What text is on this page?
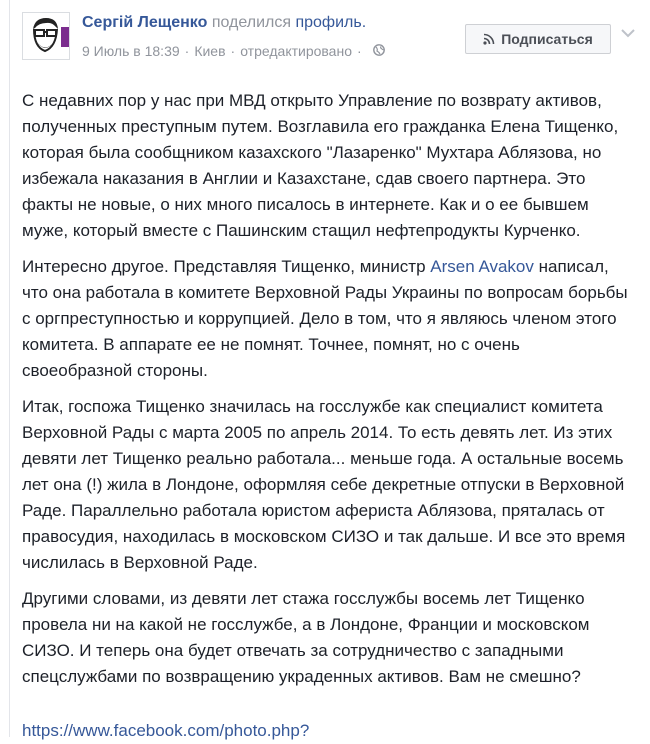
Сергій Лещенко поделился профиль.
9 Июль в 18:39 · Киев · отредактировано ·
Подписаться

С недавних пор у нас при МВД открыто Управление по возврату активов, полученных преступным путем. Возглавила его гражданка Елена Тищенко, которая была сообщником казахского "Лазаренко" Мухтара Аблязова, но избежала наказания в Англии и Казахстане, сдав своего партнера. Это факты не новые, о них много писалось в интернете. Как и о ее бывшем муже, который вместе с Пашинским стащил нефтепродукты Курченко.

Интересно другое. Представляя Тищенко, министр Arsen Avakov написал, что она работала в комитете Верховной Рады Украины по вопросам борьбы с оргпреступностью и коррупцией. Дело в том, что я являюсь членом этого комитета. В аппарате ее не помнят. Точнее, помнят, но с очень своеобразной стороны.

Итак, госпожа Тищенко значилась на госслужбе как специалист комитета Верховной Рады с марта 2005 по апрель 2014. То есть девять лет. Из этих девяти лет Тищенко реально работала... меньше года. А остальные восемь лет она (!) жила в Лондоне, оформляя себе декретные отпуски в Верховной Раде. Параллельно работала юристом афериста Аблязова, пряталась от правосудия, находилась в московском СИЗО и так дальше. И все это время числилась в Верховной Раде.

Другими словами, из девяти лет стажа госслужбы восемь лет Тищенко провела ни на какой не госслужбе, а в Лондоне, Франции и московском СИЗО. И теперь она будет отвечать за сотрудничество с западными спецслужбами по возвращению украденных активов. Вам не смешно?

https://www.facebook.com/photo.php?
